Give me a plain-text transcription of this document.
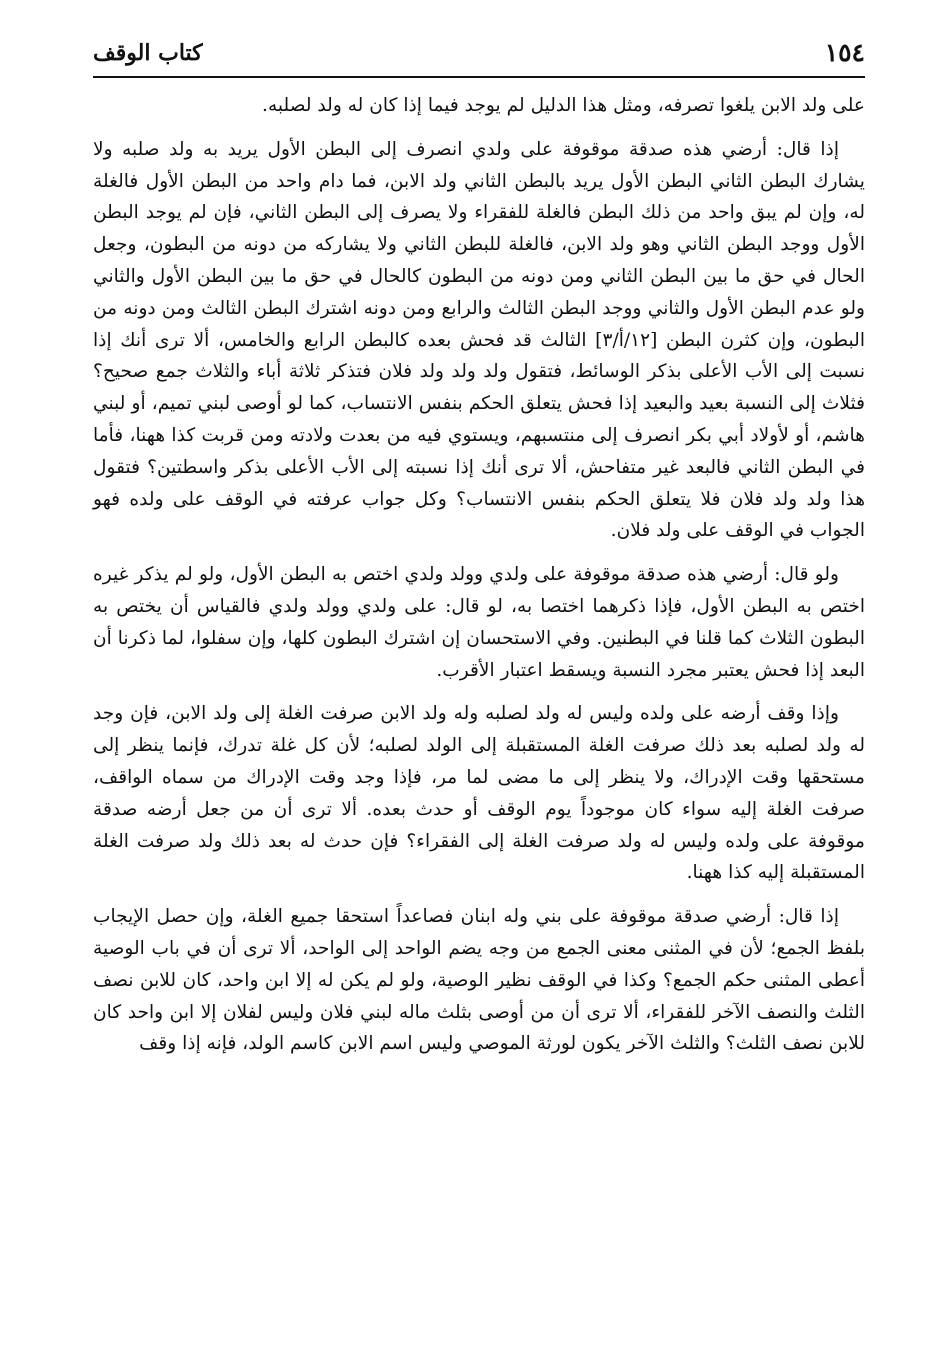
١٥٤
كتاب الوقف

على ولد الابن يلغوا تصرفه، ومثل هذا الدليل لم يوجد فيما إذا كان له ولد لصلبه.

إذا قال: أرضي هذه صدقة موقوفة على ولدي انصرف إلى البطن الأول يريد به ولد صلبه ولا يشارك البطن الثاني البطن الأول يريد بالبطن الثاني ولد الابن، فما دام واحد من البطن الأول فالغلة له، وإن لم يبق واحد من ذلك البطن فالغلة للفقراء ولا يصرف إلى البطن الثاني، فإن لم يوجد البطن الأول ووجد البطن الثاني وهو ولد الابن، فالغلة للبطن الثاني ولا يشاركه من دونه من البطون، وجعل الحال في حق ما بين البطن الثاني ومن دونه من البطون كالحال في حق ما بين البطن الأول والثاني ولو عدم البطن الأول والثاني ووجد البطن الثالث والرابع ومن دونه اشترك البطن الثالث ومن دونه من البطون، وإن كثرن البطن [١٢/أ/٣] الثالث قد فحش بعده كالبطن الرابع والخامس، ألا ترى أنك إذا نسبت إلى الأب الأعلى بذكر الوسائط، فتقول ولد ولد ولد فلان فتذكر ثلاثة أباء والثلاث جمع صحيح؟ فثلاث إلى النسبة بعيد والبعيد إذا فحش يتعلق الحكم بنفس الانتساب، كما لو أوصى لبني تميم، أو لبني هاشم، أو لأولاد أبي بكر انصرف إلى منتسبهم، ويستوي فيه من بعدت ولادته ومن قربت كذا ههنا، فأما في البطن الثاني فالبعد غير متفاحش، ألا ترى أنك إذا نسبته إلى الأب الأعلى بذكر واسطتين؟ فتقول هذا ولد ولد فلان فلا يتعلق الحكم بنفس الانتساب؟ وكل جواب عرفته في الوقف على ولده فهو الجواب في الوقف على ولد فلان.

ولو قال: أرضي هذه صدقة موقوفة على ولدي وولد ولدي اختص به البطن الأول، ولو لم يذكر غيره اختص به البطن الأول، فإذا ذكرهما اختصا به، لو قال: على ولدي وولد ولدي فالقياس أن يختص به البطون الثلاث كما قلنا في البطنين. وفي الاستحسان إن اشترك البطون كلها، وإن سفلوا، لما ذكرنا أن البعد إذا فحش يعتبر مجرد النسبة ويسقط اعتبار الأقرب.

وإذا وقف أرضه على ولده وليس له ولد لصلبه وله ولد الابن صرفت الغلة إلى ولد الابن، فإن وجد له ولد لصلبه بعد ذلك صرفت الغلة المستقبلة إلى الولد لصلبه؛ لأن كل غلة تدرك، فإنما ينظر إلى مستحقها وقت الإدراك، ولا ينظر إلى ما مضى لما مر، فإذا وجد وقت الإدراك من سماه الواقف، صرفت الغلة إليه سواء كان موجوداً يوم الوقف أو حدث بعده. ألا ترى أن من جعل أرضه صدقة موقوفة على ولده وليس له ولد صرفت الغلة إلى الفقراء؟ فإن حدث له بعد ذلك ولد صرفت الغلة المستقبلة إليه كذا ههنا.

إذا قال: أرضي صدقة موقوفة على بني وله ابنان فصاعداً استحقا جميع الغلة، وإن حصل الإيجاب بلفظ الجمع؛ لأن في المثنى معنى الجمع من وجه يضم الواحد إلى الواحد، ألا ترى أن في باب الوصية أعطى المثنى حكم الجمع؟ وكذا في الوقف نظير الوصية، ولو لم يكن له إلا ابن واحد، كان للابن نصف الثلث والنصف الآخر للفقراء، ألا ترى أن من أوصى بثلث ماله لبني فلان وليس لفلان إلا ابن واحد كان للابن نصف الثلث؟ والثلث الآخر يكون لورثة الموصي وليس اسم الابن كاسم الولد، فإنه إذا وقف
